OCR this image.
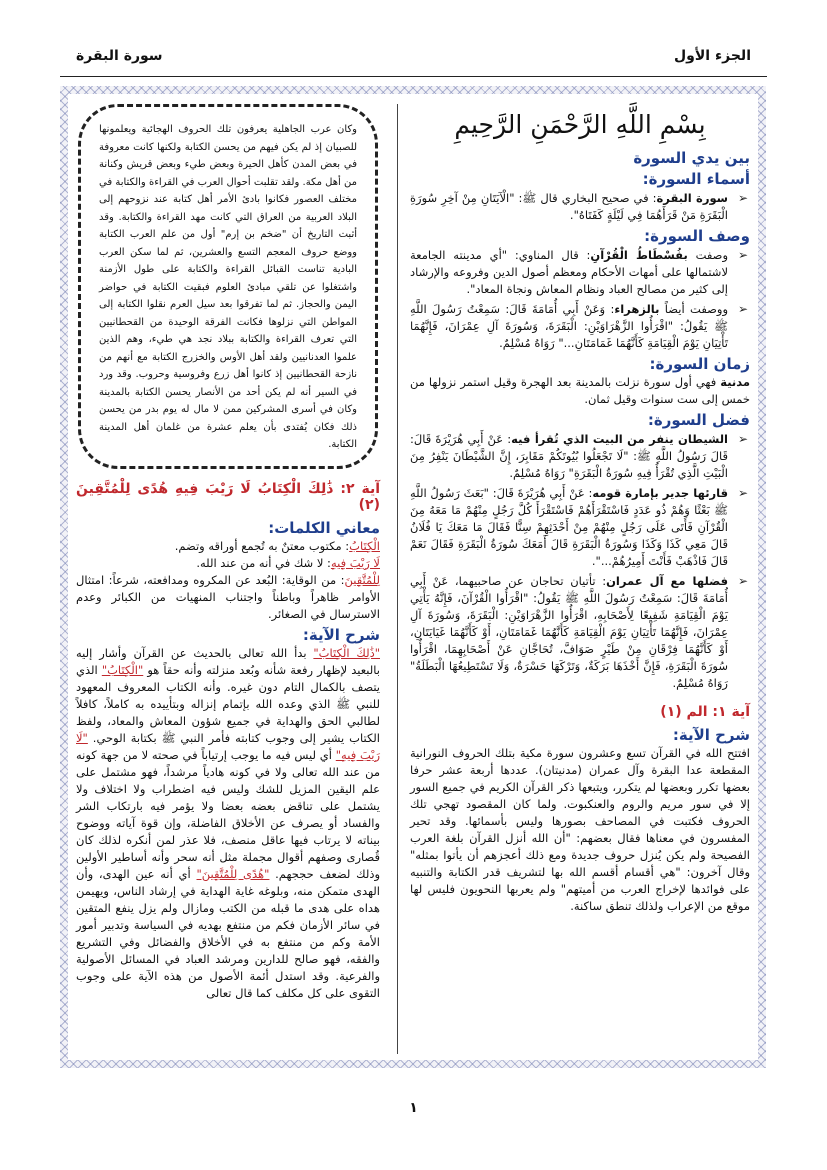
الجزء الأول
سورة البقرة
بِسْمِ اللَّهِ الرَّحْمَنِ الرَّحِيمِ
بين يدي السورة
أسماء السورة:
➢ سورة البقرة: في صحيح البخاري قال ﷺ: "الْآيَتَانِ مِنْ آخِرِ سُورَةِ الْبَقَرَةِ مَنْ قَرَأَهُمَا فِي لَيْلَةٍ كَفَتَاهُ".
وصف السورة:
➢ وصفت بفُسْطَاطُ الْقُرْآنِ: قال المناوي: "أي مدينته الجامعة لاشتمالها على أمهات الأحكام ومعظم أصول الدين وفروعه والإرشاد إلى كثير من مصالح العباد ونظام المعاش ونجاة المعاد".
➢ ووصفت أيضاً بالزهراء: وَعَنْ أَبِي أُمَامَةَ قَالَ: سَمِعْتُ رَسُولَ اللَّهِ ﷺ يَقُولُ: "اقْرَأُوا الزَّهْرَاوَيْنِ: الْبَقَرَةَ، وَسُورَةَ آلِ عِمْرَانَ، فَإِنَّهُمَا تَأْتِيَانِ يَوْمَ الْقِيَامَةِ كَأَنَّهُمَا غَمَامَتَانِ..." رَوَاهُ مُسْلِمٌ.
زمان السورة:

مدنية فهي أول سورة نزلت بالمدينة بعد الهجرة وقيل استمر نزولها من خمس إلى ست سنوات وقيل ثمان.

فضل السورة:
➢ الشيطان ينفر من البيت الذي تُقرأ فيه: عَنْ أَبِي هُرَيْرَةَ قَالَ: قَالَ رَسُولُ اللَّهِ ﷺ: "لَا تَجْعَلُوا بُيُوتَكُمْ مَقَابِرَ، إِنَّ الشَّيْطَانَ يَنْفِرُ مِنَ الْبَيْتِ الَّذِي تُقْرَأُ فِيهِ سُورَةُ الْبَقَرَةِ" رَوَاهُ مُسْلِمٌ.
➢ قارئها جدير بإمارة قومه: عَنْ أَبِي هُرَيْرَةَ قَالَ: "بَعَثَ رَسُولُ اللَّهِ ﷺ بَعْثًا وَهُمْ ذُو عَدَدٍ فَاسْتَقْرَأَهُمْ فَاسْتَقْرَأَ كُلَّ رَجُلٍ مِنْهُمْ مَا مَعَهُ مِنَ الْقُرْآنِ فَأَتَى عَلَى رَجُلٍ مِنْهُمْ مِنْ أَحْدَثِهِمْ سِنًّا فَقَالَ مَا مَعَكَ يَا فُلَانُ قَالَ مَعِي كَذَا وَكَذَا وَسُورَةُ الْبَقَرَةِ قَالَ أَمَعَكَ سُورَةُ الْبَقَرَةِ فَقَالَ نَعَمْ قَالَ فَاذْهَبْ فَأَنْتَ أَمِيرُهُمْ...".
➢ فضلها مع آل عمران: تأتيان تحاجان عن صاحبيهما، عَنْ أَبِي أُمَامَةَ قَالَ: سَمِعْتُ رَسُولَ اللَّهِ ﷺ يَقُولُ: "اقْرَأُوا الْقُرْآنَ، فَإِنَّهُ يَأْتِي يَوْمَ الْقِيَامَةِ شَفِيعًا لِأَصْحَابِهِ، اقْرَأُوا الزَّهْرَاوَيْنِ: الْبَقَرَةَ، وَسُورَةَ آلِ عِمْرَانَ، فَإِنَّهُمَا تَأْتِيَانِ يَوْمَ الْقِيَامَةِ كَأَنَّهُمَا غَمَامَتَانِ، أَوْ كَأَنَّهُمَا غَيَايَتَانِ، أَوْ كَأَنَّهُمَا فِرْقَانِ مِنْ طَيْرٍ صَوَافَّ، تُحَاجَّانِ عَنْ أَصْحَابِهِمَا، اقْرَأُوا سُورَةَ الْبَقَرَةِ، فَإِنَّ أَخْذَهَا بَرَكَةٌ، وَتَرْكَهَا حَسْرَةٌ، وَلَا تَسْتَطِيعُهَا الْبَطَلَةُ" رَوَاهُ مُسْلِمٌ.
آية ١: الم (١)
شرح الآية:

افتتح الله في القرآن تسع وعشرون سورة مكية بتلك الحروف النورانية المقطعة عدا البقرة وآل عمران (مدنيتان). عددها أربعة عشر حرفا بعضها تكرر وبعضها لم يتكرر، ويتبعها ذكر القرآن الكريم في جميع السور إلا في سور مريم والروم والعنكبوت. ولما كان المقصود تهجي تلك الحروف فكتبت في المصاحف بصورها وليس بأسمائها. وقد تحير المفسرون في معناها فقال بعضهم: "أن الله أنزل القرآن بلغة العرب الفصيحة ولم يكن يُنزل حروف جديدة ومع ذلك أعجزهم أن يأتوا بمثله" وقال آخرون: "هي أقسام أقسم الله بها لتشريف قدر الكتابة والتنبيه على فوائدها لإخراج العرب من أميتهم" ولم يعربها النحويون فليس لها موقع من الإعراب ولذلك تنطق ساكنة.

وكان عرب الجاهلية يعرفون تلك الحروف الهجائية ويعلمونها للصبيان إذ لم يكن فيهم من يحسن الكتابة ولكنها كانت معروفة في بعض المدن كأهل الحيرة وبعض طيء وبعض قريش وكنانة من أهل مكة. ولقد تقلبت أحوال العرب في القراءة والكتابة في مختلف العصور فكانوا بادئ الأمر أهل كتابة عند نزوحهم إلى البلاد العربية من العراق التي كانت مهد القراءة والكتابة. وقد أثبت التاريخ أن "ضخم بن إرم" أول من علم العرب الكتابة ووضع حروف المعجم التسع والعشرين، ثم لما سكن العرب البادية تناست القبائل القراءة والكتابة على طول الأزمنة واشتغلوا عن تلقي مبادئ العلوم فبقيت الكتابة في حواضر اليمن والحجاز. ثم لما تفرقوا بعد سيل العرم نقلوا الكتابة إلى المواطن التي نزلوها فكانت الفرقة الوحيدة من القحطانيين التي تعرف القراءة والكتابة ببلاد نجد هي طيء، وهم الذين علموا العدنانيين ولقد أهل الأوس والخزرج الكتابة مع أنهم من نازحة القحطانيين إذ كانوا أهل زرع وفروسية وحروب. وقد ورد في السير أنه لم يكن أحد من الأنصار يحسن الكتابة بالمدينة وكان في أسرى المشركين ممن لا مال له يوم بدر من يحسن ذلك فكان يُفتدى بأن يعلم عشرة من غلمان أهل المدينة الكتابة.

آية ٢: ذَٰلِكَ الْكِتَابُ لَا رَيْبَ فِيهِ هُدًى لِلْمُتَّقِينَ (٢)
معاني الكلمات:

الْكِتَابُ: مكتوب معتنٌ به تُجمع أوراقه وتضم.

لَا رَيْبَ فِيهِ: لا شك في أنه من عند الله.

لِلْمُتَّقِينَ: من الوقاية: البُعد عن المكروه ومدافعته، شرعاً: امتثال الأوامر ظاهراً وباطناً واجتناب المنهيات من الكبائر وعدم الاسترسال في الصغائر.

شرح الآية:

"ذَٰلِكَ الْكِتَابُ" بدأ الله تعالى بالحديث عن القرآن وأشار إليه بالبعيد لإظهار رفعة شأنه وبُعد منزلته وأنه حقاً هو "الْكِتَابُ" الذي يتصف بالكمال التام دون غيره. وأنه الكتاب المعروف المعهود للنبي ﷺ الذي وعده الله بإتمام إنزاله وبتأييده به كاملاً، كافلاً لطالبي الحق والهداية في جميع شؤون المعاش والمعاد، ولفظ الكتاب يشير إلى وجوب كتابته فأمر النبي ﷺ بكتابة الوحي. "لَا رَيْبَ فِيهِ" أي ليس فيه ما يوجب إرتياباً في صحته لا من جهة كونه من عند الله تعالى ولا في كونه هادياً مرشداً، فهو مشتمل على علم اليقين المزيل للشك وليس فيه اضطراب ولا اختلاف ولا يشتمل على تناقض بعضه بعضا ولا يؤمر فيه بارتكاب الشر والفساد أو يصرف عن الأخلاق الفاضلة، وإن قوة آياته ووضوح بيناته لا يرتاب فيها عاقل منصف، فلا عذر لمن أنكره لذلك كان قُصارى وصفهم أقوال مجملة مثل أنه سحر وأنه أساطير الأولين وذلك لضعف حججهم. "هُدًى لِلْمُتَّقِينَ" أي أنه عين الهدى، وأن الهدى متمكن منه، وبلوغه غاية الهداية في إرشاد الناس، ويهيمن هداه على هدى ما قبله من الكتب ومازال ولم يزل ينفع المتقين في سائر الأزمان فكم من منتفع بهديه في السياسة وتدبير أمور الأمة وكم من منتفع به في الأخلاق والفضائل وفي التشريع والفقه، فهو صالح للدارين ومرشد العباد في المسائل الأصولية والفرعية. وقد استدل أئمة الأصول من هذه الآية على وجوب التقوى على كل مكلف كما قال تعالى

١
